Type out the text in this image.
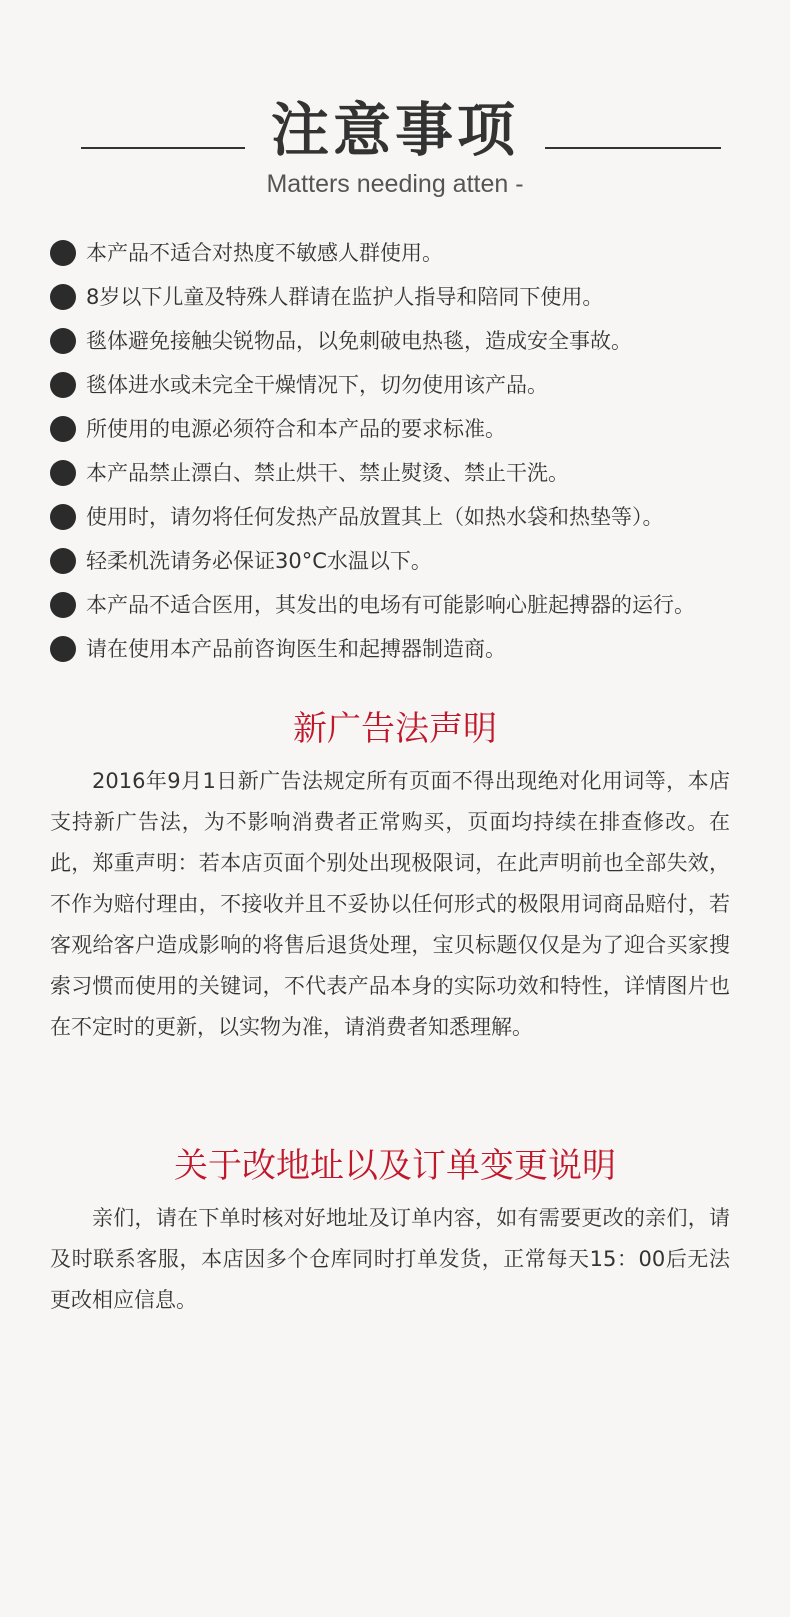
注意事项
Matters needing atten -
本产品不适合对热度不敏感人群使用。
8岁以下儿童及特殊人群请在监护人指导和陪同下使用。
毯体避免接触尖锐物品，以免刺破电热毯，造成安全事故。
毯体进水或未完全干燥情况下，切勿使用该产品。
所使用的电源必须符合和本产品的要求标准。
本产品禁止漂白、禁止烘干、禁止熨烫、禁止干洗。
使用时，请勿将任何发热产品放置其上（如热水袋和热垫等）。
轻柔机洗请务必保证30°C水温以下。
本产品不适合医用，其发出的电场有可能影响心脏起搏器的运行。
请在使用本产品前咨询医生和起搏器制造商。
新广告法声明
2016年9月1日新广告法规定所有页面不得出现绝对化用词等，本店支持新广告法，为不影响消费者正常购买，页面均持续在排查修改。在此，郑重声明：若本店页面个别处出现极限词，在此声明前也全部失效，不作为赔付理由，不接收并且不妥协以任何形式的极限用词商品赔付，若客观给客户造成影响的将售后退货处理，宝贝标题仅仅是为了迎合买家搜索习惯而使用的关键词，不代表产品本身的实际功效和特性，详情图片也在不定时的更新，以实物为准，请消费者知悉理解。
关于改地址以及订单变更说明
亲们，请在下单时核对好地址及订单内容，如有需要更改的亲们，请及时联系客服，本店因多个仓库同时打单发货，正常每天15：00后无法更改相应信息。
